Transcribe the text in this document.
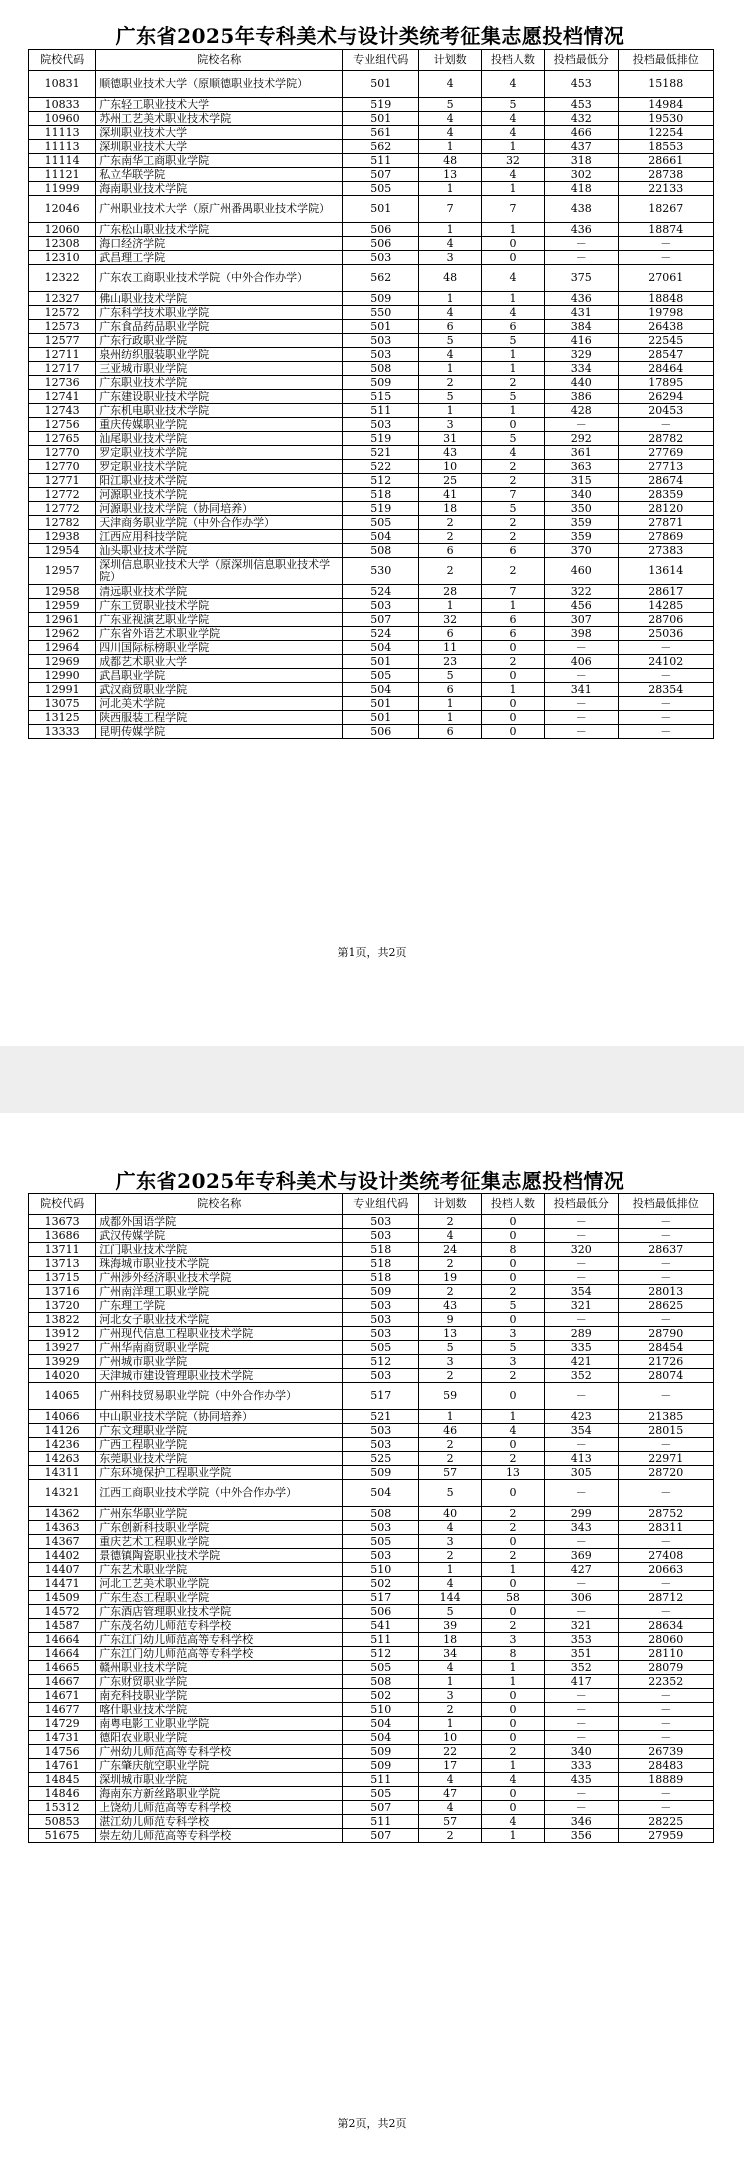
广东省2025年专科美术与设计类统考征集志愿投档情况
院校代码	院校名称	专业组代码	计划数	投档人数	投档最低分	投档最低排位
10831	顺德职业技术大学（原顺德职业技术学院）	501	4	4	453	15188
10833	广东轻工职业技术大学	519	5	5	453	14984
10960	苏州工艺美术职业技术学院	501	4	4	432	19530
11113	深圳职业技术大学	561	4	4	466	12254
11113	深圳职业技术大学	562	1	1	437	18553
11114	广东南华工商职业学院	511	48	32	318	28661
11121	私立华联学院	507	13	4	302	28738
11999	海南职业技术学院	505	1	1	418	22133
12046	广州职业技术大学（原广州番禺职业技术学院）	501	7	7	438	18267
12060	广东松山职业技术学院	506	1	1	436	18874
12308	海口经济学院	506	4	0	－	－
12310	武昌理工学院	503	3	0	－	－
12322	广东农工商职业技术学院（中外合作办学）	562	48	4	375	27061
12327	佛山职业技术学院	509	1	1	436	18848
12572	广东科学技术职业学院	550	4	4	431	19798
12573	广东食品药品职业学院	501	6	6	384	26438
12577	广东行政职业学院	503	5	5	416	22545
12711	泉州纺织服装职业学院	503	4	1	329	28547
12717	三亚城市职业学院	508	1	1	334	28464
12736	广东职业技术学院	509	2	2	440	17895
12741	广东建设职业技术学院	515	5	5	386	26294
12743	广东机电职业技术学院	511	1	1	428	20453
12756	重庆传媒职业学院	503	3	0	－	－
12765	汕尾职业技术学院	519	31	5	292	28782
12770	罗定职业技术学院	521	43	4	361	27769
12770	罗定职业技术学院	522	10	2	363	27713
12771	阳江职业技术学院	512	25	2	315	28674
12772	河源职业技术学院	518	41	7	340	28359
12772	河源职业技术学院（协同培养）	519	18	5	350	28120
12782	天津商务职业学院（中外合作办学）	505	2	2	359	27871
12938	江西应用科技学院	504	2	2	359	27869
12954	汕头职业技术学院	508	6	6	370	27383
12957	深圳信息职业技术大学（原深圳信息职业技术学院）	530	2	2	460	13614
12958	清远职业技术学院	524	28	7	322	28617
12959	广东工贸职业技术学院	503	1	1	456	14285
12961	广东亚视演艺职业学院	507	32	6	307	28706
12962	广东省外语艺术职业学院	524	6	6	398	25036
12964	四川国际标榜职业学院	504	11	0	－	－
12969	成都艺术职业大学	501	23	2	406	24102
12990	武昌职业学院	505	5	0	－	－
12991	武汉商贸职业学院	504	6	1	341	28354
13075	河北美术学院	501	1	0	－	－
13125	陕西服装工程学院	501	1	0	－	－
13333	昆明传媒学院	506	6	0	－	－
第1页，共2页
广东省2025年专科美术与设计类统考征集志愿投档情况
院校代码	院校名称	专业组代码	计划数	投档人数	投档最低分	投档最低排位
13673	成都外国语学院	503	2	0	－	－
13686	武汉传媒学院	503	4	0	－	－
13711	江门职业技术学院	518	24	8	320	28637
13713	珠海城市职业技术学院	518	2	0	－	－
13715	广州涉外经济职业技术学院	518	19	0	－	－
13716	广州南洋理工职业学院	509	2	2	354	28013
13720	广东理工学院	503	43	5	321	28625
13822	河北女子职业技术学院	503	9	0	－	－
13912	广州现代信息工程职业技术学院	503	13	3	289	28790
13927	广州华南商贸职业学院	505	5	5	335	28454
13929	广州城市职业学院	512	3	3	421	21726
14020	天津城市建设管理职业技术学院	503	2	2	352	28074
14065	广州科技贸易职业学院（中外合作办学）	517	59	0	－	－
14066	中山职业技术学院（协同培养）	521	1	1	423	21385
14126	广东文理职业学院	503	46	4	354	28015
14236	广西工程职业学院	503	2	0	－	－
14263	东莞职业技术学院	525	2	2	413	22971
14311	广东环境保护工程职业学院	509	57	13	305	28720
14321	江西工商职业技术学院（中外合作办学）	504	5	0	－	－
14362	广州东华职业学院	508	40	2	299	28752
14363	广东创新科技职业学院	503	4	2	343	28311
14367	重庆艺术工程职业学院	505	3	0	－	－
14402	景德镇陶瓷职业技术学院	503	2	2	369	27408
14407	广东艺术职业学院	510	1	1	427	20663
14471	河北工艺美术职业学院	502	4	0	－	－
14509	广东生态工程职业学院	517	144	58	306	28712
14572	广东酒店管理职业技术学院	506	5	0	－	－
14587	广东茂名幼儿师范专科学校	541	39	2	321	28634
14664	广东江门幼儿师范高等专科学校	511	18	3	353	28060
14664	广东江门幼儿师范高等专科学校	512	34	8	351	28110
14665	赣州职业技术学院	505	4	1	352	28079
14667	广东财贸职业学院	508	1	1	417	22352
14671	南充科技职业学院	502	3	0	－	－
14677	喀什职业技术学院	510	2	0	－	－
14729	南粤电影工业职业学院	504	1	0	－	－
14731	德阳农业职业学院	504	10	0	－	－
14756	广州幼儿师范高等专科学校	509	22	2	340	26739
14761	广东肇庆航空职业学院	509	17	1	333	28483
14845	深圳城市职业学院	511	4	4	435	18889
14846	海南东方新丝路职业学院	505	47	0	－	－
15312	上饶幼儿师范高等专科学校	507	4	0	－	－
50853	湛江幼儿师范专科学校	511	57	4	346	28225
51675	崇左幼儿师范高等专科学校	507	2	1	356	27959
第2页，共2页
